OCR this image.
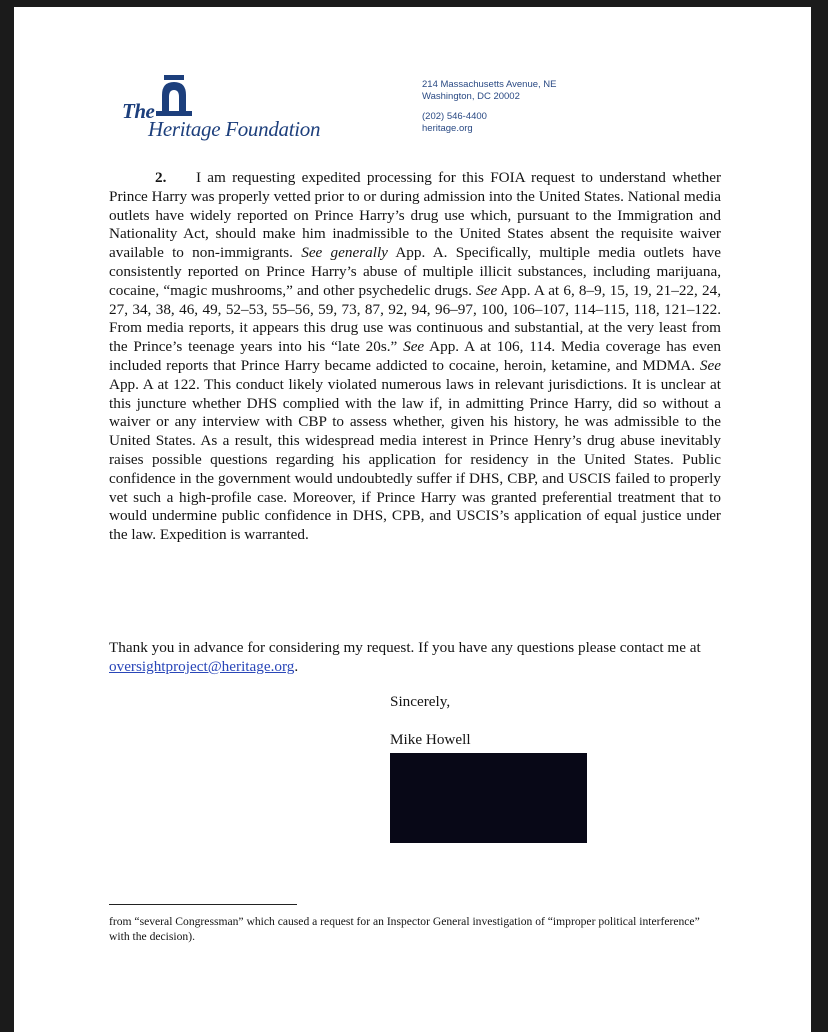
The
Heritage Foundation
214 Massachusetts Avenue, NE
Washington, DC 20002
(202) 546-4400
heritage.org

2. I am requesting expedited processing for this FOIA request to understand whether Prince Harry was properly vetted prior to or during admission into the United States. National media outlets have widely reported on Prince Harry’s drug use which, pursuant to the Immigration and Nationality Act, should make him inadmissible to the United States absent the requisite waiver available to non-immigrants. See generally App. A. Specifically, multiple media outlets have consistently reported on Prince Harry’s abuse of multiple illicit substances, including marijuana, cocaine, “magic mushrooms,” and other psychedelic drugs. See App. A at 6, 8–9, 15, 19, 21–22, 24, 27, 34, 38, 46, 49, 52–53, 55–56, 59, 73, 87, 92, 94, 96–97, 100, 106–107, 114–115, 118, 121–122. From media reports, it appears this drug use was continuous and substantial, at the very least from the Prince’s teenage years into his “late 20s.” See App. A at 106, 114. Media coverage has even included reports that Prince Harry became addicted to cocaine, heroin, ketamine, and MDMA. See App. A at 122. This conduct likely violated numerous laws in relevant jurisdictions. It is unclear at this juncture whether DHS complied with the law if, in admitting Prince Harry, did so without a waiver or any interview with CBP to assess whether, given his history, he was admissible to the United States. As a result, this widespread media interest in Prince Henry’s drug abuse inevitably raises possible questions regarding his application for residency in the United States. Public confidence in the government would undoubtedly suffer if DHS, CBP, and USCIS failed to properly vet such a high-profile case. Moreover, if Prince Harry was granted preferential treatment that to would undermine public confidence in DHS, CPB, and USCIS’s application of equal justice under the law. Expedition is warranted.

Thank you in advance for considering my request. If you have any questions please contact me at oversightproject@heritage.org.
Sincerely,
Mike Howell
from “several Congressman” which caused a request for an Inspector General investigation of “improper political interference” with the decision).
